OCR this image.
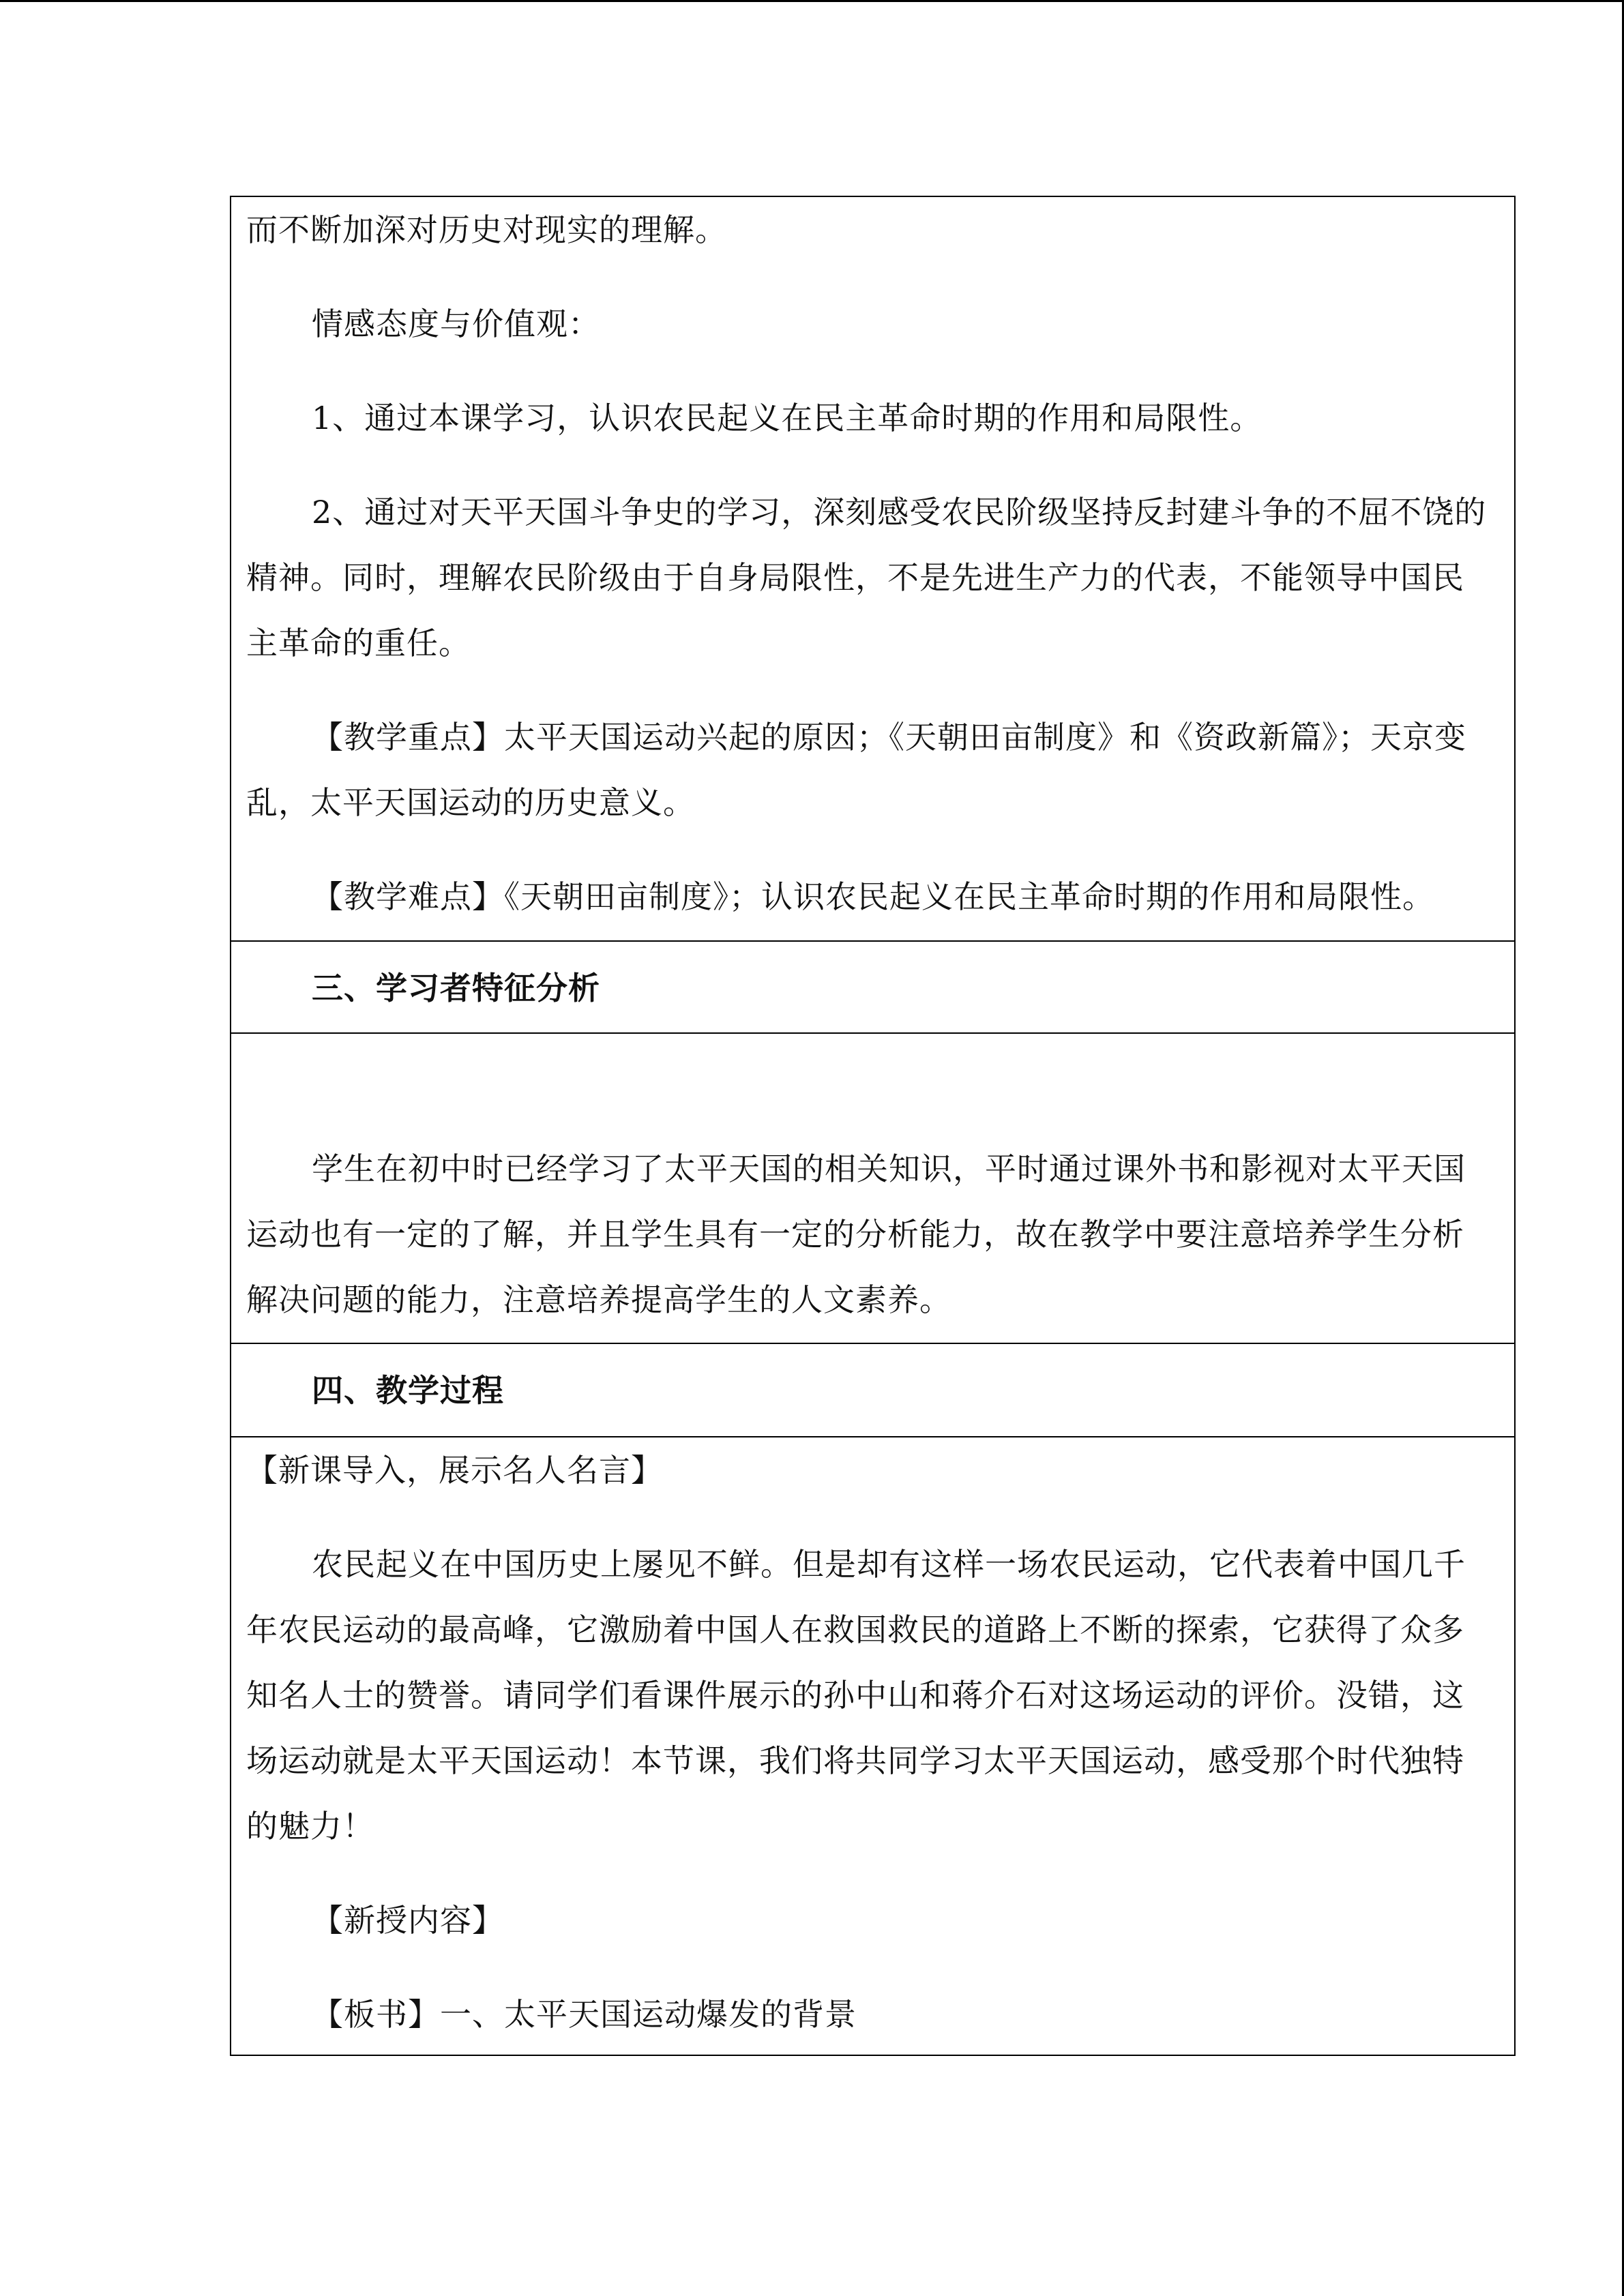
而不断加深对历史对现实的理解。

情感态度与价值观：

1、通过本课学习，认识农民起义在民主革命时期的作用和局限性。

2、通过对天平天国斗争史的学习，深刻感受农民阶级坚持反封建斗争的不屈不饶的精神。同时，理解农民阶级由于自身局限性，不是先进生产力的代表，不能领导中国民主革命的重任。

【教学重点】太平天国运动兴起的原因；《天朝田亩制度》和《资政新篇》；天京变乱，太平天国运动的历史意义。

【教学难点】《天朝田亩制度》；认识农民起义在民主革命时期的作用和局限性。

三、学习者特征分析

学生在初中时已经学习了太平天国的相关知识，平时通过课外书和影视对太平天国运动也有一定的了解，并且学生具有一定的分析能力，故在教学中要注意培养学生分析解决问题的能力，注意培养提高学生的人文素养。

四、教学过程

【新课导入，展示名人名言】

农民起义在中国历史上屡见不鲜。但是却有这样一场农民运动，它代表着中国几千年农民运动的最高峰，它激励着中国人在救国救民的道路上不断的探索，它获得了众多知名人士的赞誉。请同学们看课件展示的孙中山和蒋介石对这场运动的评价。没错，这场运动就是太平天国运动！本节课，我们将共同学习太平天国运动，感受那个时代独特的魅力！

【新授内容】

【板书】一、太平天国运动爆发的背景
